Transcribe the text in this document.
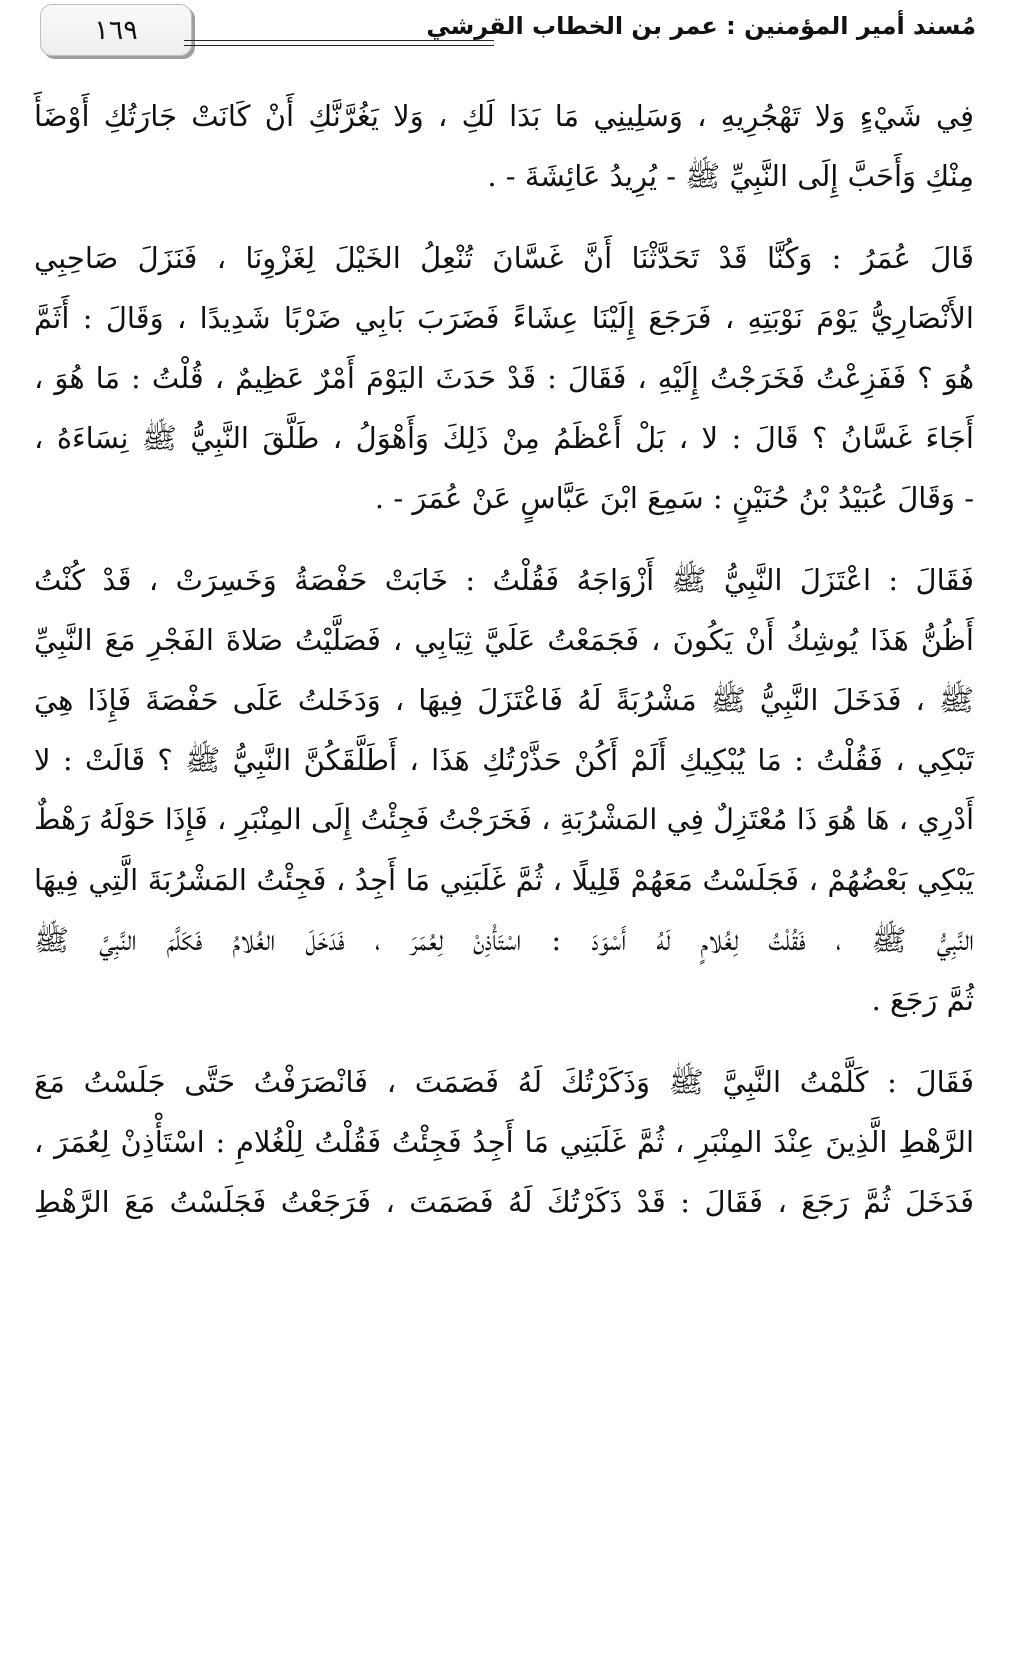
١٦٩	مُسند أمير المؤمنين : عمر بن الخطاب القرشي

فِي شَيْءٍ وَلا تَهْجُرِيهِ ، وَسَلِينِي مَا بَدَا لَكِ ، وَلا يَغُرَّنَّكِ أَنْ كَانَتْ جَارَتُكِ أَوْضَأَ
مِنْكِ وَأَحَبَّ إِلَى النَّبِيِّ ﷺ - يُرِيدُ عَائِشَةَ - .

قَالَ عُمَرُ : وَكُنَّا قَدْ تَحَدَّثْنَا أَنَّ غَسَّانَ تُنْعِلُ الخَيْلَ لِغَزْوِنَا ، فَنَزَلَ صَاحِبِي
الأَنْصَارِيُّ يَوْمَ نَوْبَتِهِ ، فَرَجَعَ إِلَيْنَا عِشَاءً فَضَرَبَ بَابِي ضَرْبًا شَدِيدًا ، وَقَالَ : أَثَمَّ
هُوَ ؟ فَفَزِعْتُ فَخَرَجْتُ إِلَيْهِ ، فَقَالَ : قَدْ حَدَثَ اليَوْمَ أَمْرٌ عَظِيمٌ ، قُلْتُ : مَا هُوَ ،
أَجَاءَ غَسَّانُ ؟ قَالَ : لا ، بَلْ أَعْظَمُ مِنْ ذَلِكَ وَأَهْوَلُ ، طَلَّقَ النَّبِيُّ ﷺ نِسَاءَهُ ،
- وَقَالَ عُبَيْدُ بْنُ حُنَيْنٍ : سَمِعَ ابْنَ عَبَّاسٍ عَنْ عُمَرَ - .

فَقَالَ : اعْتَزَلَ النَّبِيُّ ﷺ أَزْوَاجَهُ فَقُلْتُ : خَابَتْ حَفْصَةُ وَخَسِرَتْ ، قَدْ كُنْتُ
أَظُنُّ هَذَا يُوشِكُ أَنْ يَكُونَ ، فَجَمَعْتُ عَلَيَّ ثِيَابِي ، فَصَلَّيْتُ صَلاةَ الفَجْرِ مَعَ النَّبِيِّ
ﷺ ، فَدَخَلَ النَّبِيُّ ﷺ مَشْرُبَةً لَهُ فَاعْتَزَلَ فِيهَا ، وَدَخَلتُ عَلَى حَفْصَةَ فَإِذَا هِيَ
تَبْكِي ، فَقُلْتُ : مَا يُبْكِيكِ أَلَمْ أَكُنْ حَذَّرْتُكِ هَذَا ، أَطَلَّقَكُنَّ النَّبِيُّ ﷺ ؟ قَالَتْ : لا
أَدْرِي ، هَا هُوَ ذَا مُعْتَزِلٌ فِي المَشْرُبَةِ ، فَخَرَجْتُ فَجِئْتُ إِلَى المِنْبَرِ ، فَإِذَا حَوْلَهُ رَهْطٌ
يَبْكِي بَعْضُهُمْ ، فَجَلَسْتُ مَعَهُمْ قَلِيلًا ، ثُمَّ غَلَبَنِي مَا أَجِدُ ، فَجِئْتُ المَشْرُبَةَ الَّتِي فِيهَا
النَّبِيُّ ﷺ ، فَقُلْتُ لِغُلامٍ لَهُ أَسْوَدَ : اسْتَأْذِنْ لِعُمَرَ ، فَدَخَلَ الغُلامُ فَكَلَّمَ النَّبِيَّ ﷺ
ثُمَّ رَجَعَ .

فَقَالَ : كَلَّمْتُ النَّبِيَّ ﷺ وَذَكَرْتُكَ لَهُ فَصَمَتَ ، فَانْصَرَفْتُ حَتَّى جَلَسْتُ مَعَ
الرَّهْطِ الَّذِينَ عِنْدَ المِنْبَرِ ، ثُمَّ غَلَبَنِي مَا أَجِدُ فَجِئْتُ فَقُلْتُ لِلْغُلامِ : اسْتَأْذِنْ لِعُمَرَ ،
فَدَخَلَ ثُمَّ رَجَعَ ، فَقَالَ : قَدْ ذَكَرْتُكَ لَهُ فَصَمَتَ ، فَرَجَعْتُ فَجَلَسْتُ مَعَ الرَّهْطِ
